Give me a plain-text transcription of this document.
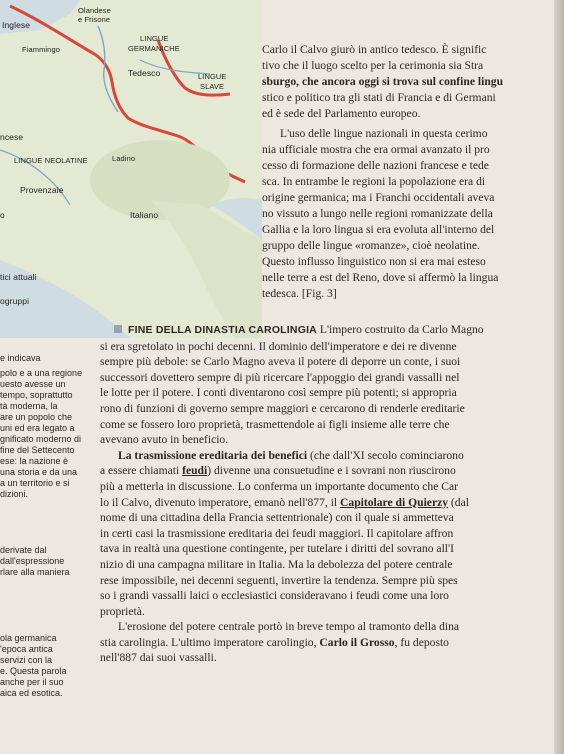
Inglese
Olandese
e Frisone
LINGUE
Fiammingo	GERMANICHE
Tedesco	LINGUE
SLAVE
ncese
LINGUE NEOLATINE	Ladino
Provenzale
Italiano
o
tici attuali
ogruppi

Carlo il Calvo giurò in antico tedesco. È signific

tivo che il luogo scelto per la cerimonia sia Stra

sburgo, che ancora oggi si trova sul confine lingu

stico e politico tra gli stati di Francia e di Germani

ed è sede del Parlamento europeo.

L'uso delle lingue nazionali in questa cerimo

nia ufficiale mostra che era ormai avanzato il pro

cesso di formazione delle nazioni francese e tede

sca. In entrambe le regioni la popolazione era di

origine germanica; ma i Franchi occidentali aveva

no vissuto a lungo nelle regioni romanizzate della

Gallia e la loro lingua si era evoluta all'interno del

gruppo delle lingue «romanze», cioè neolatine.

Questo influsso linguistico non si era mai esteso

nelle terre a est del Reno, dove si affermò la lingua

tedesca. [Fig. 3]

e indicava
polo e a una regione
uesto avesse un
tempo, soprattutto
tà moderna, la
are un popolo che
uni ed era legato a
gnificato moderno di
fine del Settecento
ese: la nazione è
una storia e da una
a un territorio e si
dizioni.
derivate dal
dall'espressione
rlare alla maniera
ola germanica
'epoca antica
servizi con la
e. Questa parola
anche per il suo
aica ed esotica.

FINE DELLA DINASTIA CAROLINGIA L'impero costruito da Carlo Magno

si era sgretolato in pochi decenni. Il dominio dell'imperatore e dei re divenne

sempre più debole: se Carlo Magno aveva il potere di deporre un conte, i suoi

successori dovettero sempre di più ricercare l'appoggio dei grandi vassalli nel

le lotte per il potere. I conti diventarono così sempre più potenti; si appropria

rono di funzioni di governo sempre maggiori e cercarono di renderle ereditarie

come se fossero loro proprietà, trasmettendole ai figli insieme alle terre che

avevano avuto in beneficio.

La trasmissione ereditaria dei benefici (che dall'XI secolo cominciarono

a essere chiamati feudi) divenne una consuetudine e i sovrani non riuscirono

più a metterla in discussione. Lo conferma un importante documento che Car

lo il Calvo, divenuto imperatore, emanò nell'877, il Capitolare di Quierzy (dal

nome di una cittadina della Francia settentrionale) con il quale si ammetteva

in certi casi la trasmissione ereditaria dei feudi maggiori. Il capitolare affron

tava in realtà una questione contingente, per tutelare i diritti del sovrano all'I

nizio di una campagna militare in Italia. Ma la debolezza del potere centrale

rese impossibile, nei decenni seguenti, invertire la tendenza. Sempre più spes

so i grandi vassalli laici o ecclesiastici consideravano i feudi come una loro

proprietà.

L'erosione del potere centrale portò in breve tempo al tramonto della dina

stia carolingia. L'ultimo imperatore carolingio, Carlo il Grosso, fu deposto

nell'887 dai suoi vassalli.
